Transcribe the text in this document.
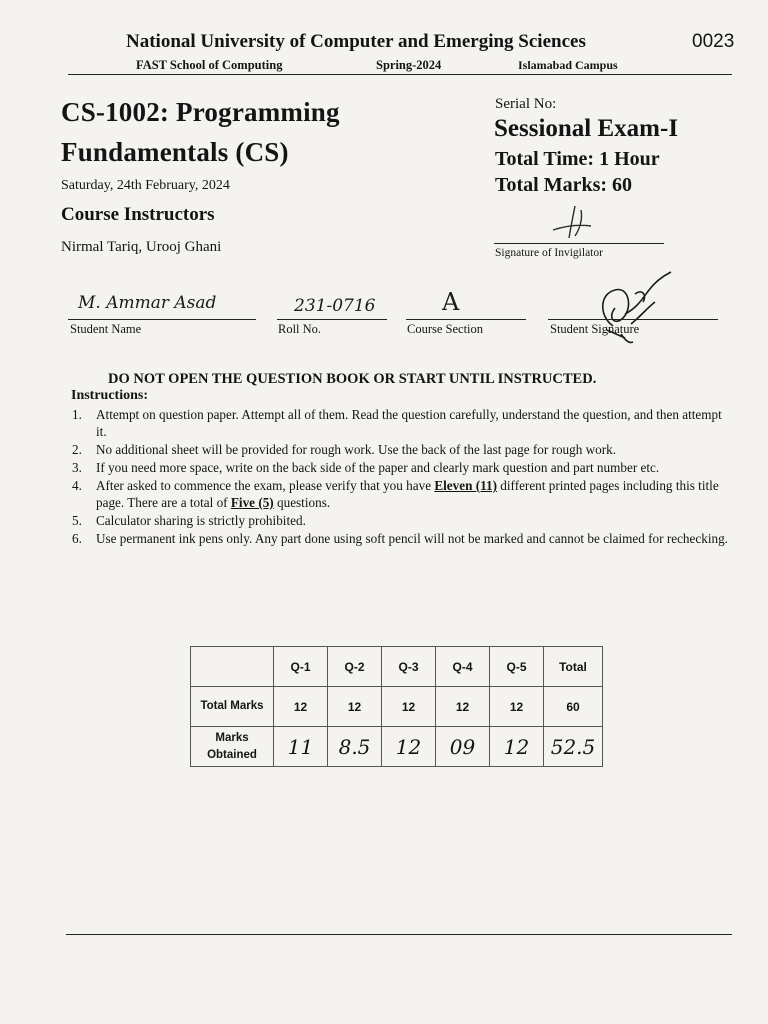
National University of Computer and Emerging Sciences	0023
FAST School of Computing	Spring-2024	Islamabad Campus
CS-1002: Programming
Fundamentals (CS)
Saturday, 24th February, 2024
Course Instructors
Nirmal Tariq, Urooj Ghani
Serial No:
Sessional Exam-I
Total Time: 1 Hour
Total Marks: 60
Signature of Invigilator
M. Ammar Asad
Student Name
231-0716
Roll No.
A
Course Section	Student Signature
DO NOT OPEN THE QUESTION BOOK OR START UNTIL INSTRUCTED.
Instructions:
1. Attempt on question paper. Attempt all of them. Read the question carefully, understand the question, and then attempt it.
2. No additional sheet will be provided for rough work. Use the back of the last page for rough work.
3. If you need more space, write on the back side of the paper and clearly mark question and part number etc.
4. After asked to commence the exam, please verify that you have Eleven (11) different printed pages including this title page. There are a total of Five (5) questions.
5. Calculator sharing is strictly prohibited.
6. Use permanent ink pens only. Any part done using soft pencil will not be marked and cannot be claimed for rechecking.
	Q-1	Q-2	Q-3	Q-4	Q-5	Total
Total Marks	12	12	12	12	12	60
Marks Obtained	11	8.5	12	09	12	52.5
